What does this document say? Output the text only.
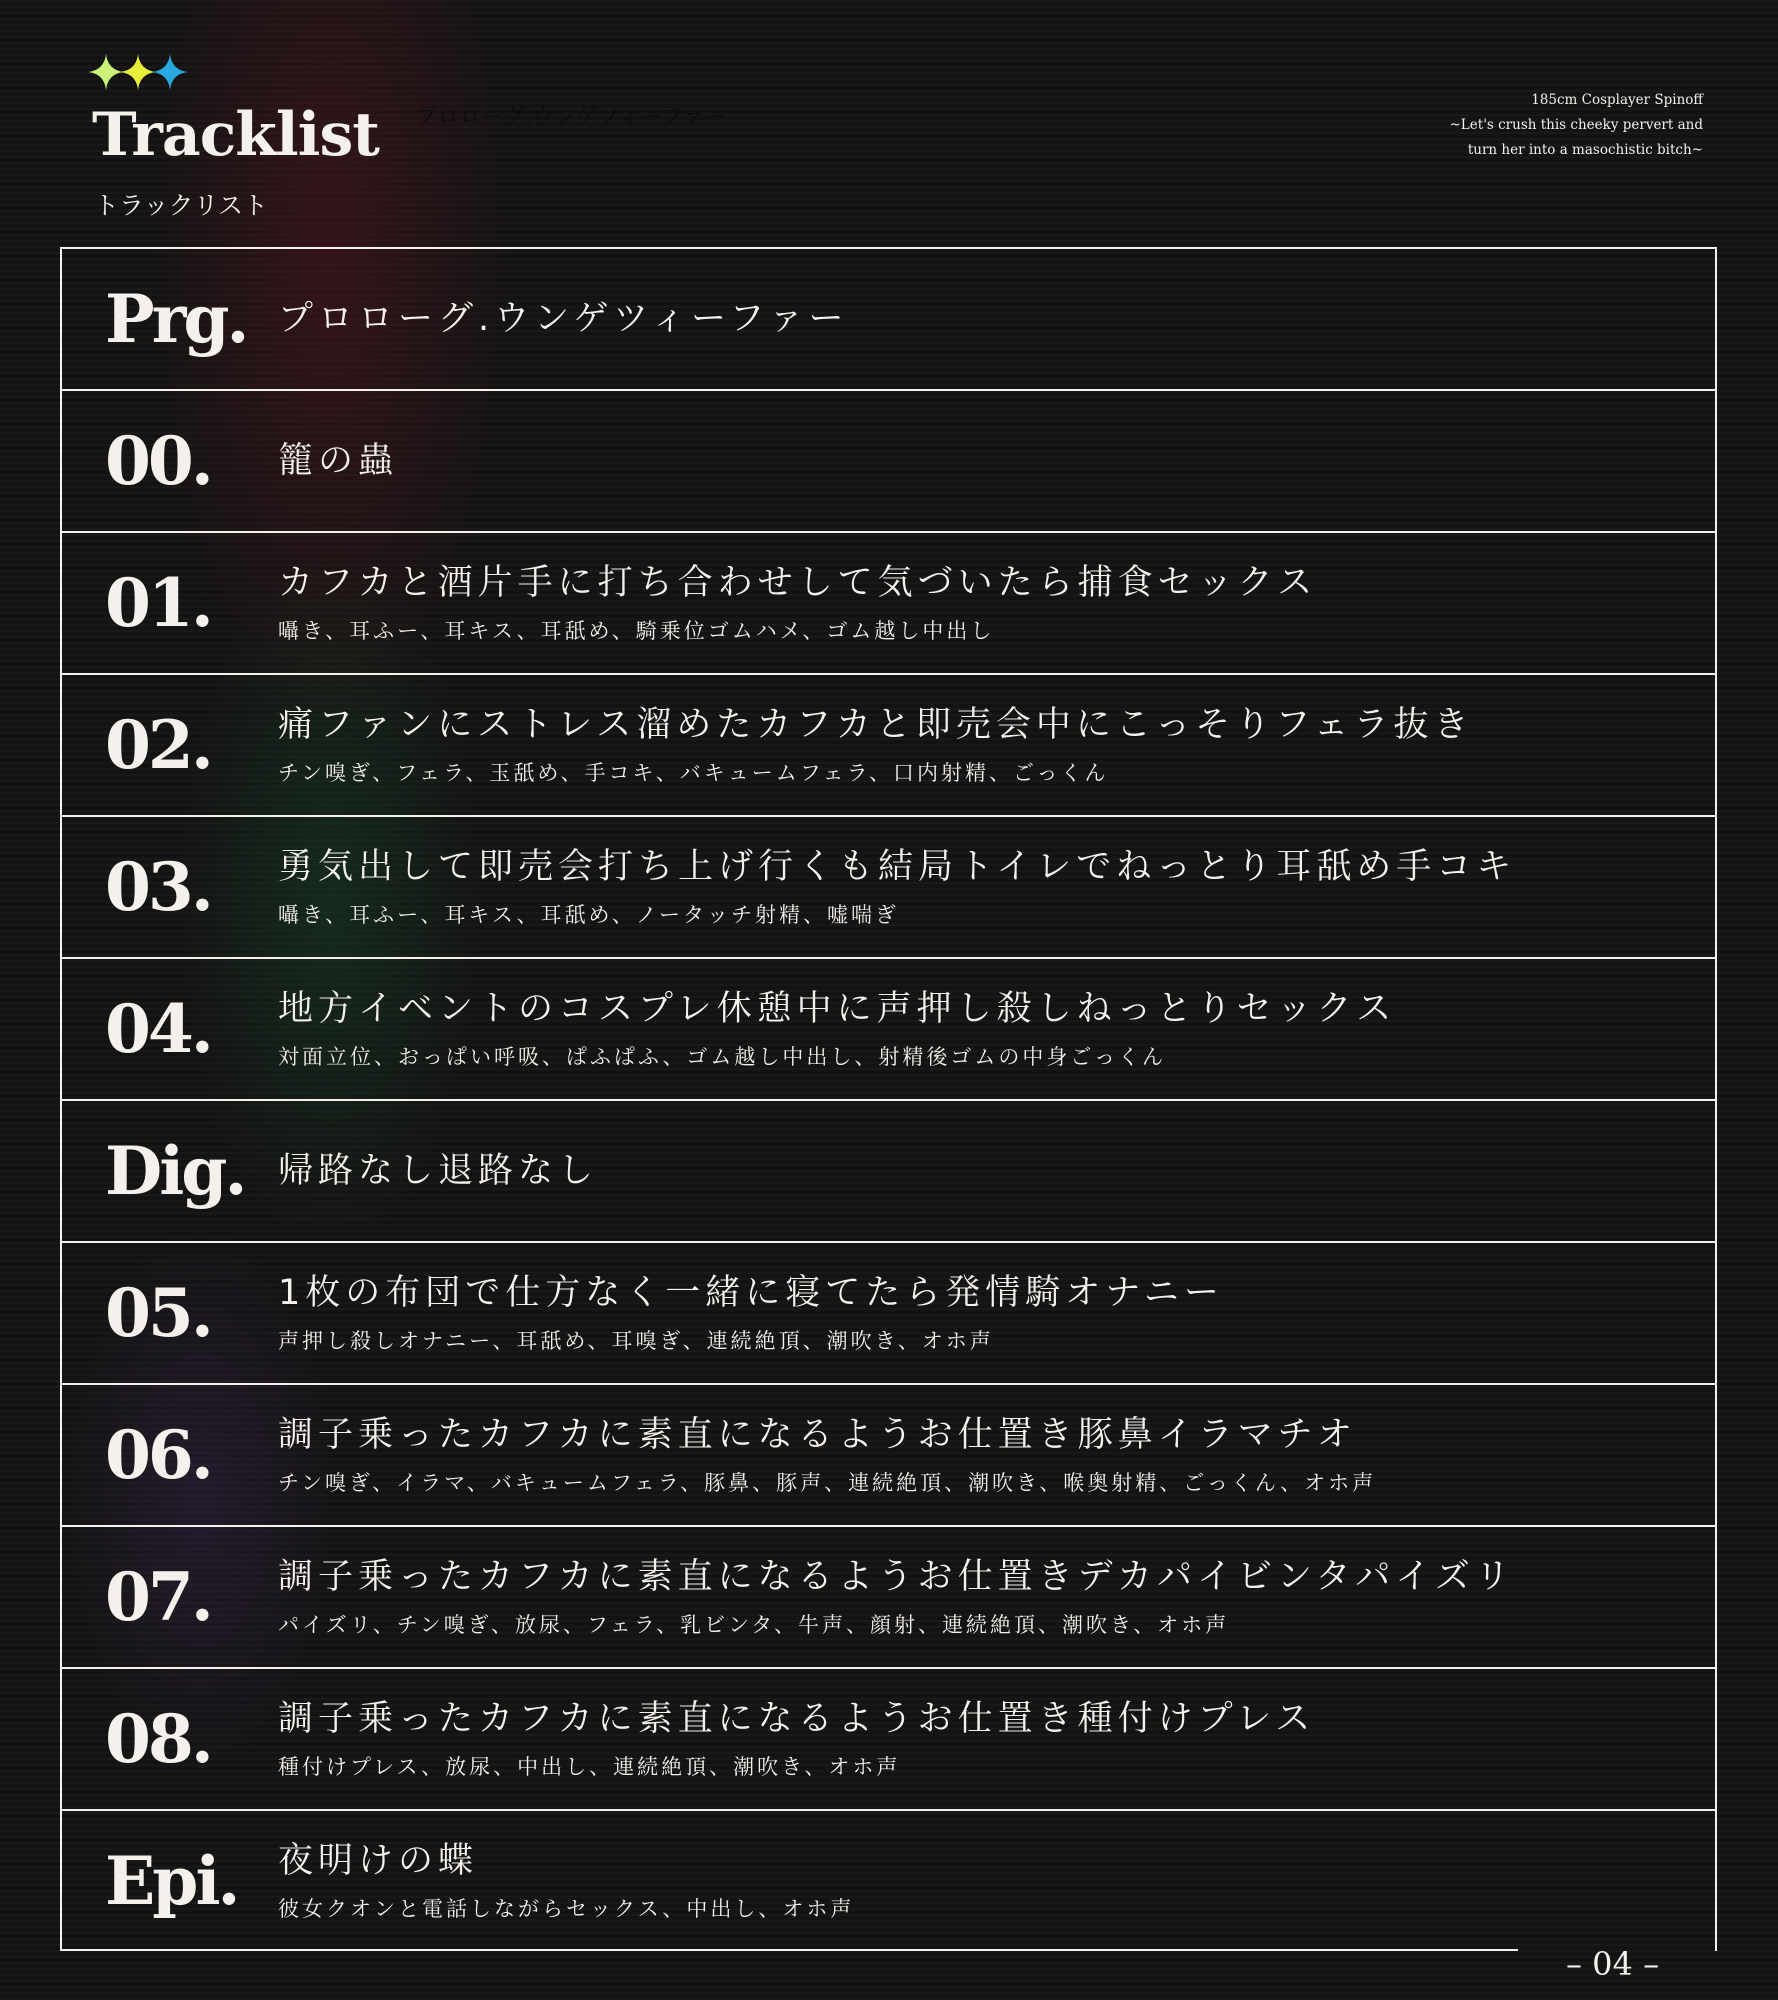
Tracklist
トラックリスト
プロローグ.ウンゲツィーファー
185cm Cosplayer Spinoff
~Let's crush this cheeky pervert and
turn her into a masochistic bitch~
Prg. プロローグ.ウンゲツィーファー
00. 籠の蟲
01. カフカと酒片手に打ち合わせして気づいたら捕食セックス
囁き、耳ふー、耳キス、耳舐め、騎乗位ゴムハメ、ゴム越し中出し
02. 痛ファンにストレス溜めたカフカと即売会中にこっそりフェラ抜き
チン嗅ぎ、フェラ、玉舐め、手コキ、バキュームフェラ、口内射精、ごっくん
03. 勇気出して即売会打ち上げ行くも結局トイレでねっとり耳舐め手コキ
囁き、耳ふー、耳キス、耳舐め、ノータッチ射精、嘘喘ぎ
04. 地方イベントのコスプレ休憩中に声押し殺しねっとりセックス
対面立位、おっぱい呼吸、ぱふぱふ、ゴム越し中出し、射精後ゴムの中身ごっくん
Dig. 帰路なし退路なし
05. 1枚の布団で仕方なく一緒に寝てたら発情騎オナニー
声押し殺しオナニー、耳舐め、耳嗅ぎ、連続絶頂、潮吹き、オホ声
06. 調子乗ったカフカに素直になるようお仕置き豚鼻イラマチオ
チン嗅ぎ、イラマ、バキュームフェラ、豚鼻、豚声、連続絶頂、潮吹き、喉奥射精、ごっくん、オホ声
07. 調子乗ったカフカに素直になるようお仕置きデカパイビンタパイズリ
パイズリ、チン嗅ぎ、放尿、フェラ、乳ビンタ、牛声、顔射、連続絶頂、潮吹き、オホ声
08. 調子乗ったカフカに素直になるようお仕置き種付けプレス
種付けプレス、放尿、中出し、連続絶頂、潮吹き、オホ声
Epi. 夜明けの蝶
彼女クオンと電話しながらセックス、中出し、オホ声
– 04 –
